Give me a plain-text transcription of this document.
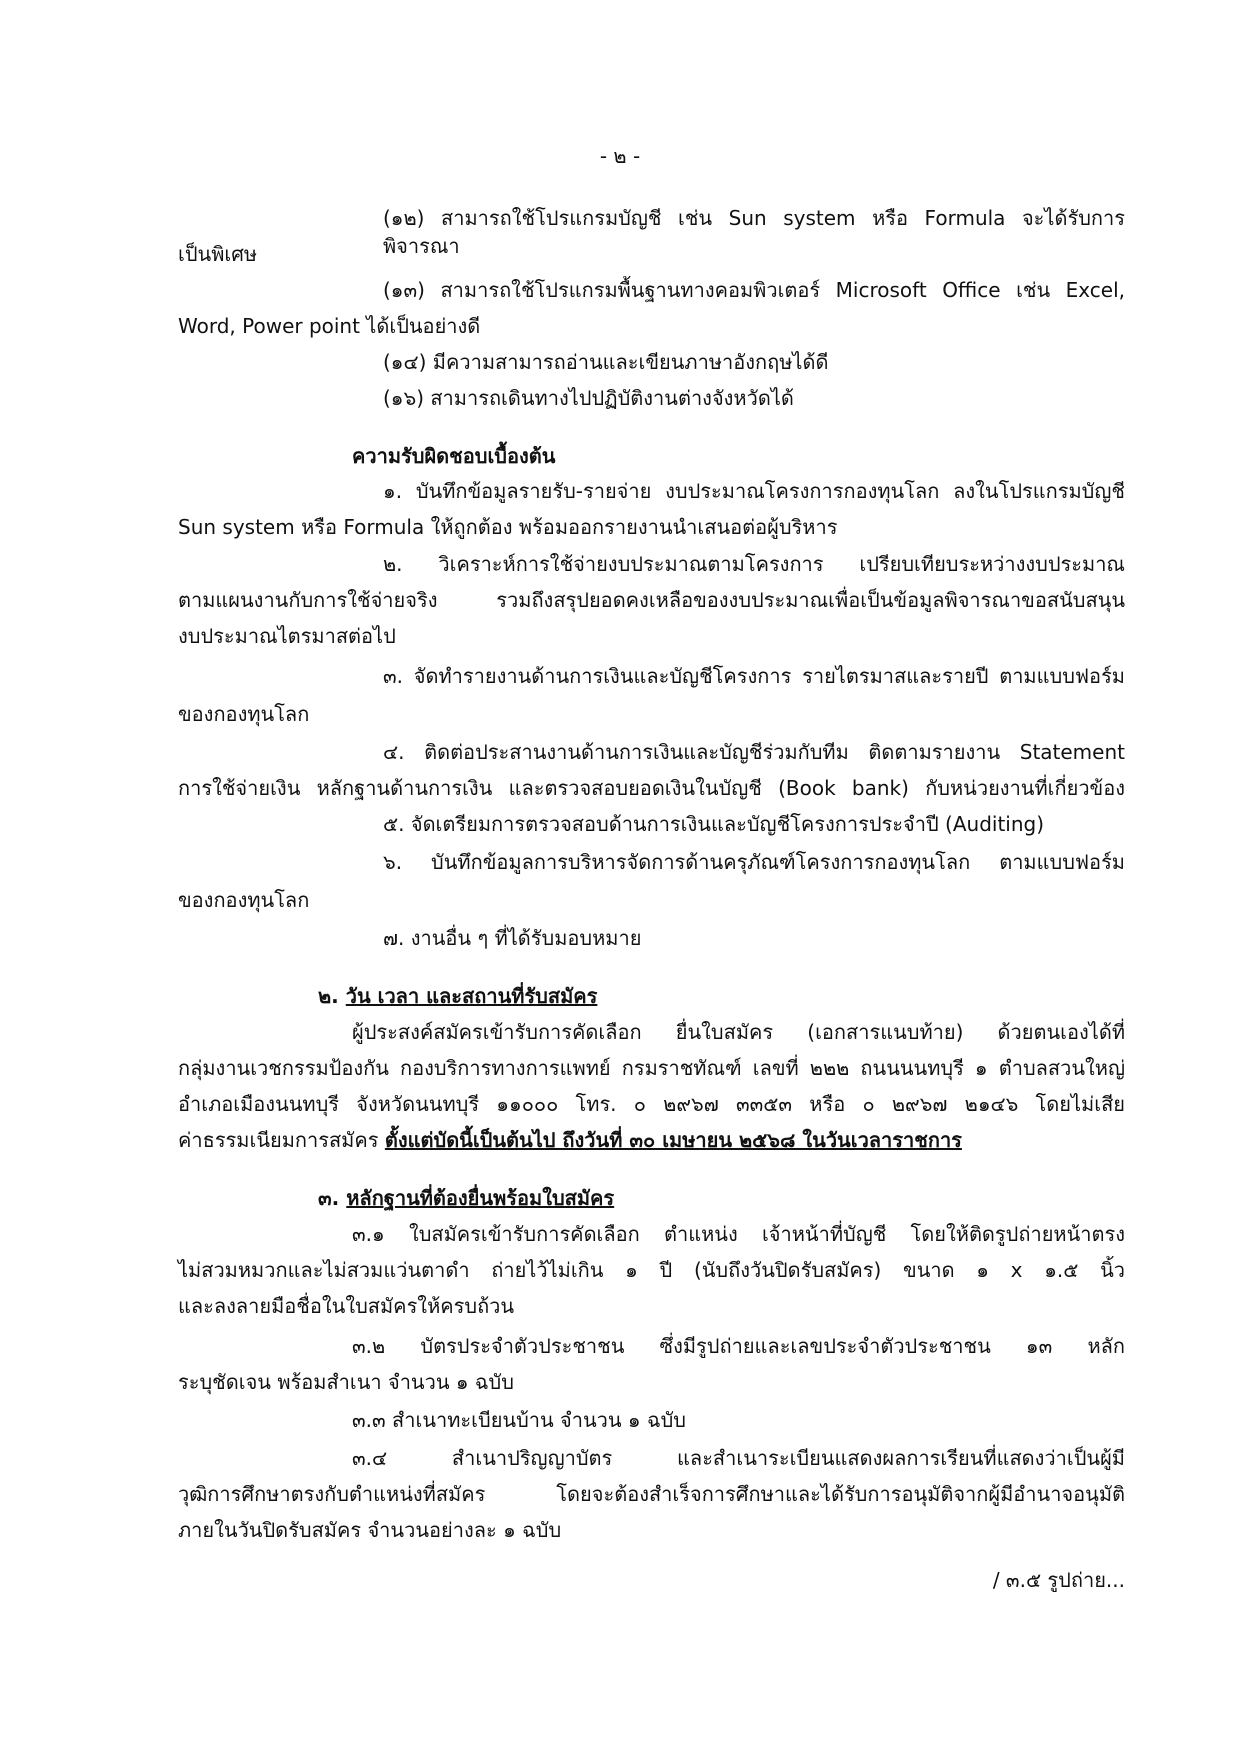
- ๒ -
(๑๒) สามารถใช้โปรแกรมบัญชี เช่น Sun system หรือ Formula จะได้รับการพิจารณา
เป็นพิเศษ
(๑๓) สามารถใช้โปรแกรมพื้นฐานทางคอมพิวเตอร์ Microsoft Office เช่น Excel,
Word, Power point ได้เป็นอย่างดี
(๑๔) มีความสามารถอ่านและเขียนภาษาอังกฤษได้ดี
(๑๖) สามารถเดินทางไปปฏิบัติงานต่างจังหวัดได้
ความรับผิดชอบเบื้องต้น
๑. บันทึกข้อมูลรายรับ-รายจ่าย งบประมาณโครงการกองทุนโลก ลงในโปรแกรมบัญชี
Sun system หรือ Formula ให้ถูกต้อง พร้อมออกรายงานนำเสนอต่อผู้บริหาร
๒. วิเคราะห์การใช้จ่ายงบประมาณตามโครงการ เปรียบเทียบระหว่างงบประมาณ
ตามแผนงานกับการใช้จ่ายจริง รวมถึงสรุปยอดคงเหลือของงบประมาณเพื่อเป็นข้อมูลพิจารณาขอสนับสนุน
งบประมาณไตรมาสต่อไป
๓. จัดทำรายงานด้านการเงินและบัญชีโครงการ รายไตรมาสและรายปี ตามแบบฟอร์ม
ของกองทุนโลก
๔. ติดต่อประสานงานด้านการเงินและบัญชีร่วมกับทีม ติดตามรายงาน Statement
การใช้จ่ายเงิน หลักฐานด้านการเงิน และตรวจสอบยอดเงินในบัญชี (Book bank) กับหน่วยงานที่เกี่ยวข้อง
๕. จัดเตรียมการตรวจสอบด้านการเงินและบัญชีโครงการประจำปี (Auditing)
๖. บันทึกข้อมูลการบริหารจัดการด้านครุภัณฑ์โครงการกองทุนโลก ตามแบบฟอร์ม
ของกองทุนโลก
๗. งานอื่น ๆ ที่ได้รับมอบหมาย
๒. วัน เวลา และสถานที่รับสมัคร
ผู้ประสงค์สมัครเข้ารับการคัดเลือก ยื่นใบสมัคร (เอกสารแนบท้าย) ด้วยตนเองได้ที่
กลุ่มงานเวชกรรมป้องกัน กองบริการทางการแพทย์ กรมราชทัณฑ์ เลขที่ ๒๒๒ ถนนนนทบุรี ๑ ตำบลสวนใหญ่
อำเภอเมืองนนทบุรี จังหวัดนนทบุรี ๑๑๐๐๐ โทร. ๐ ๒๙๖๗ ๓๓๕๓ หรือ ๐ ๒๙๖๗ ๒๑๔๖ โดยไม่เสีย
ค่าธรรมเนียมการสมัคร ตั้งแต่บัดนี้เป็นต้นไป ถึงวันที่ ๓๐ เมษายน ๒๕๖๘ ในวันเวลาราชการ
๓. หลักฐานที่ต้องยื่นพร้อมใบสมัคร
๓.๑ ใบสมัครเข้ารับการคัดเลือก ตำแหน่ง เจ้าหน้าที่บัญชี โดยให้ติดรูปถ่ายหน้าตรง
ไม่สวมหมวกและไม่สวมแว่นตาดำ ถ่ายไว้ไม่เกิน ๑ ปี (นับถึงวันปิดรับสมัคร) ขนาด ๑ x ๑.๕ นิ้ว
และลงลายมือชื่อในใบสมัครให้ครบถ้วน
๓.๒ บัตรประจำตัวประชาชน ซึ่งมีรูปถ่ายและเลขประจำตัวประชาชน ๑๓ หลัก
ระบุชัดเจน พร้อมสำเนา จำนวน ๑ ฉบับ
๓.๓ สำเนาทะเบียนบ้าน จำนวน ๑ ฉบับ
๓.๔ สำเนาปริญญาบัตร และสำเนาระเบียนแสดงผลการเรียนที่แสดงว่าเป็นผู้มี
วุฒิการศึกษาตรงกับตำแหน่งที่สมัคร โดยจะต้องสำเร็จการศึกษาและได้รับการอนุมัติจากผู้มีอำนาจอนุมัติ
ภายในวันปิดรับสมัคร จำนวนอย่างละ ๑ ฉบับ
/ ๓.๕ รูปถ่าย...
